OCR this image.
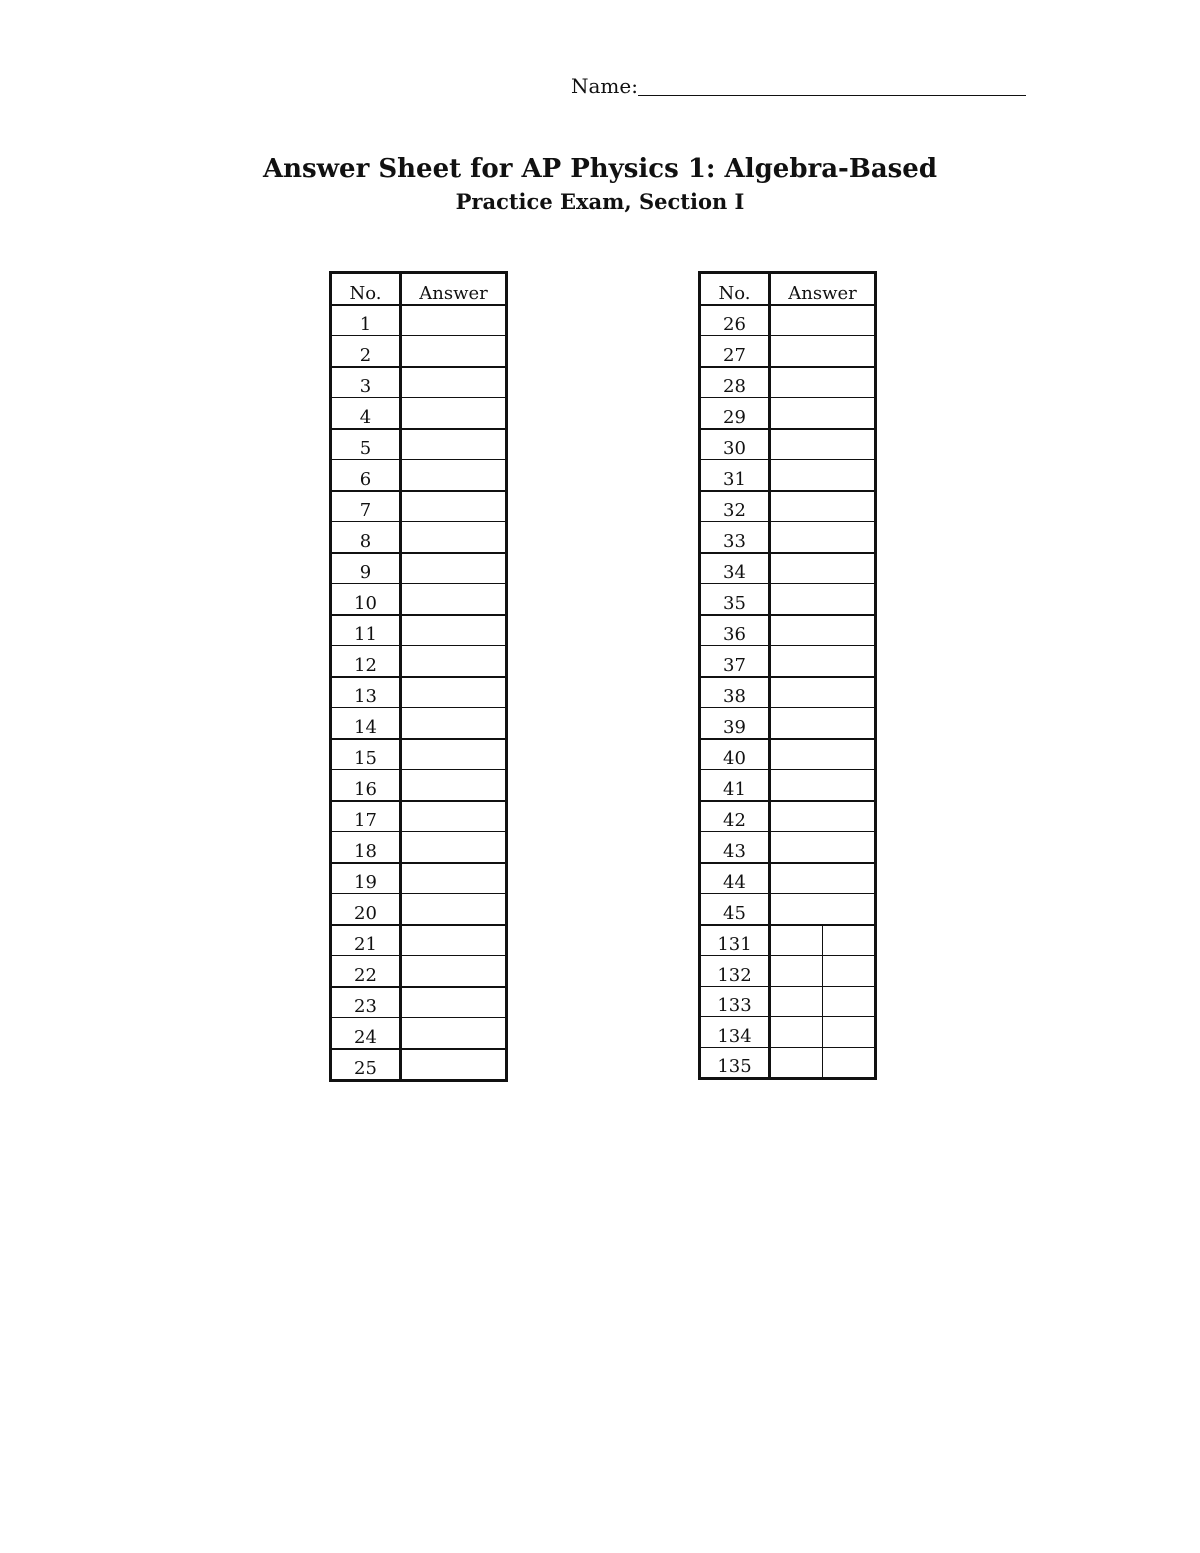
Name:
Answer Sheet for AP Physics 1: Algebra-Based
Practice Exam, Section I
No.	Answer
1	
2	
3	
4	
5	
6	
7	
8	
9	
10	
11	
12	
13	
14	
15	
16	
17	
18	
19	
20	
21	
22	
23	
24	
25	
No.	Answer
26	
27	
28	
29	
30	
31	
32	
33	
34	
35	
36	
37	
38	
39	
40	
41	
42	
43	
44	
45	
131	

132	

133	

134	

135	
